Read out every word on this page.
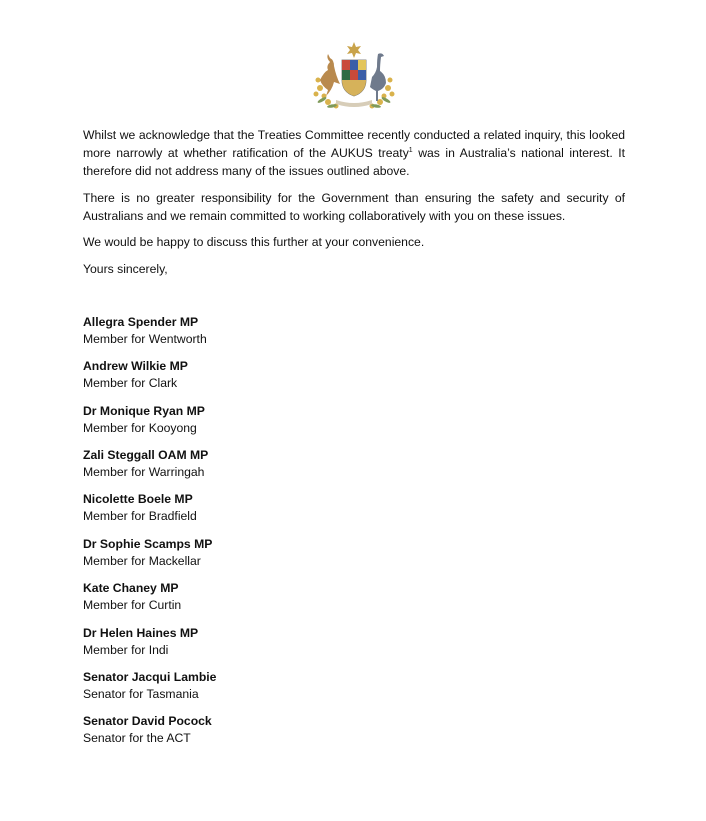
Whilst we acknowledge that the Treaties Committee recently conducted a related inquiry, this looked more narrowly at whether ratification of the AUKUS treaty$^1$ was in Australia’s national interest. It therefore did not address many of the issues outlined above.

There is no greater responsibility for the Government than ensuring the safety and security of Australians and we remain committed to working collaboratively with you on these issues.

We would be happy to discuss this further at your convenience.

Yours sincerely,

Allegra Spender MP
Member for Wentworth
Andrew Wilkie MP
Member for Clark
Dr Monique Ryan MP
Member for Kooyong
Zali Steggall OAM MP
Member for Warringah
Nicolette Boele MP
Member for Bradfield
Dr Sophie Scamps MP
Member for Mackellar
Kate Chaney MP
Member for Curtin
Dr Helen Haines MP
Member for Indi
Senator Jacqui Lambie
Senator for Tasmania
Senator David Pocock
Senator for the ACT
